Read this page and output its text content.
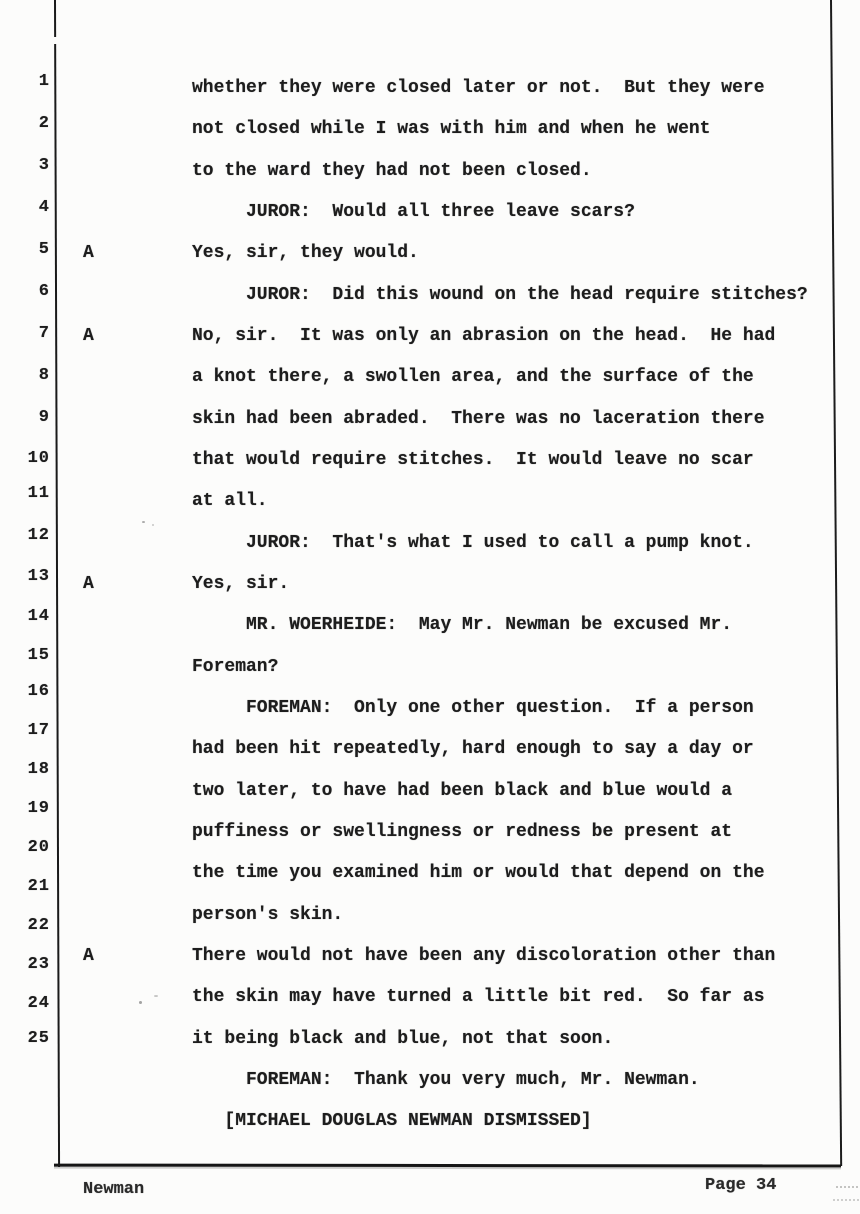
1
2
3
4
5
6
7
8
9
10
11
12
13
14
15
16
17
18
19
20
21
22
23
24
25
whether they were closed later or not.  But they were
not closed while I was with him and when he went
to the ward they had not been closed.
JUROR:  Would all three leave scars?
A	Yes, sir, they would.
JUROR:  Did this wound on the head require stitches?
A	No, sir.  It was only an abrasion on the head.  He had
a knot there, a swollen area, and the surface of the
skin had been abraded.  There was no laceration there
that would require stitches.  It would leave no scar
at all.
JUROR:  That's what I used to call a pump knot.
A	Yes, sir.
MR. WOERHEIDE:  May Mr. Newman be excused Mr.
Foreman?
FOREMAN:  Only one other question.  If a person
had been hit repeatedly, hard enough to say a day or
two later, to have had been black and blue would a
puffiness or swellingness or redness be present at
the time you examined him or would that depend on the
person's skin.
A	There would not have been any discoloration other than
the skin may have turned a little bit red.  So far as
it being black and blue, not that soon.
FOREMAN:  Thank you very much, Mr. Newman.
[MICHAEL DOUGLAS NEWMAN DISMISSED]
Newman	Page 34
